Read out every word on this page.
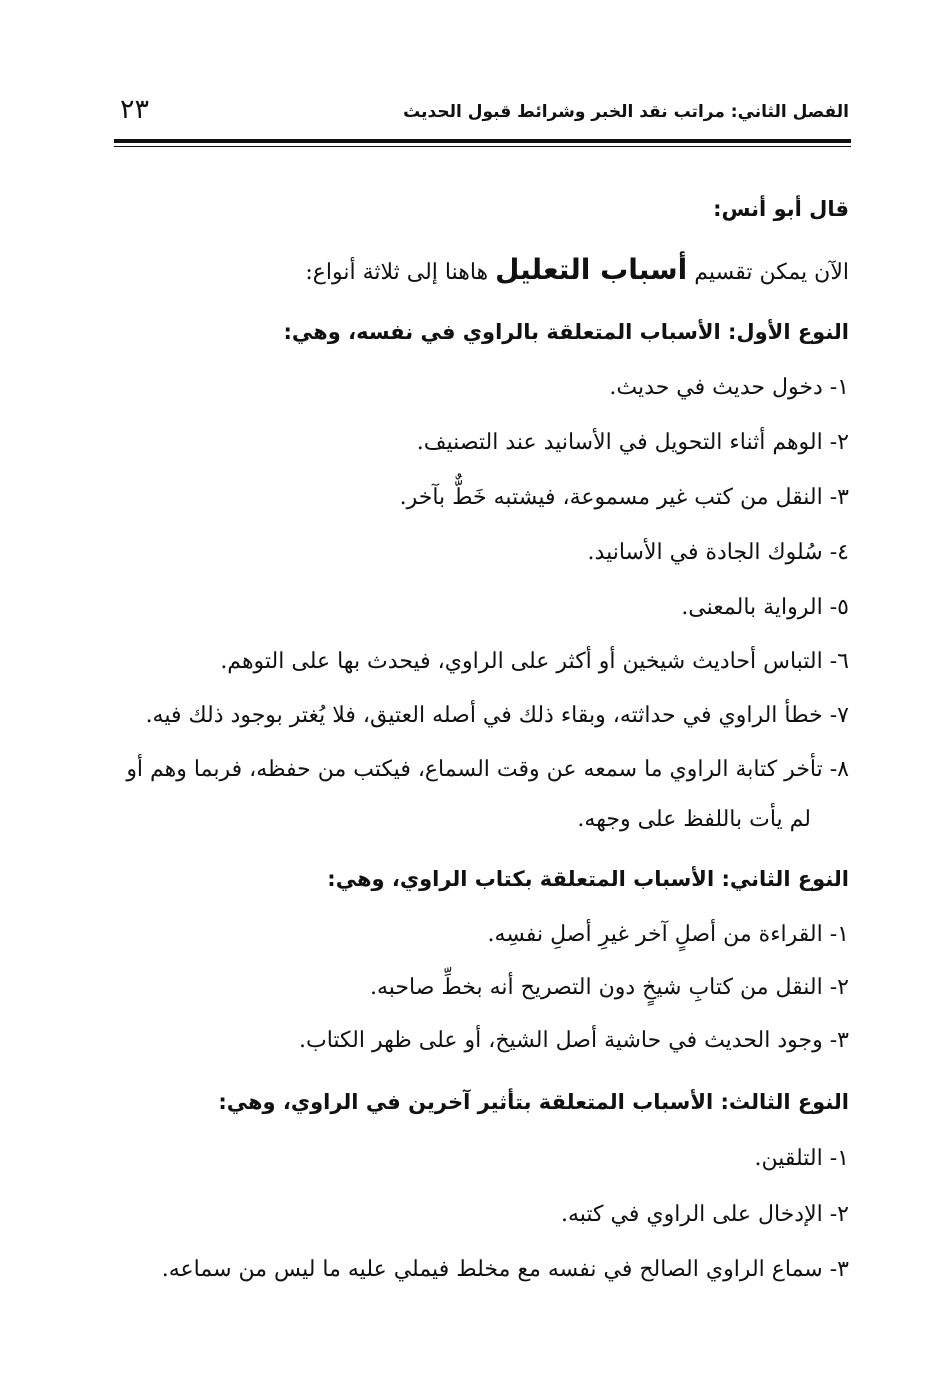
الفصل الثاني: مراتب نقد الخبر وشرائط قبول الحديث
٢٣
قال أبو أنس:
الآن يمكن تقسيم أسباب التعليل هاهنا إلى ثلاثة أنواع:
النوع الأول: الأسباب المتعلقة بالراوي في نفسه، وهي:
١- دخول حديث في حديث.
٢- الوهم أثناء التحويل في الأسانيد عند التصنيف.
٣- النقل من كتب غير مسموعة، فيشتبه خَطٌّ بآخر.
٤- سُلوك الجادة في الأسانيد.
٥- الرواية بالمعنى.
٦- التباس أحاديث شيخين أو أكثر على الراوي، فيحدث بها على التوهم.
٧- خطأ الراوي في حداثته، وبقاء ذلك في أصله العتيق، فلا يُغتر بوجود ذلك فيه.
٨- تأخر كتابة الراوي ما سمعه عن وقت السماع، فيكتب من حفظه، فربما وهم أو
لم يأت باللفظ على وجهه.
النوع الثاني: الأسباب المتعلقة بكتاب الراوي، وهي:
١- القراءة من أصلٍ آخر غيرِ أصلِ نفسِه.
٢- النقل من كتابِ شيخٍ دون التصريح أنه بخطِّ صاحبه.
٣- وجود الحديث في حاشية أصل الشيخ، أو على ظهر الكتاب.
النوع الثالث: الأسباب المتعلقة بتأثير آخرين في الراوي، وهي:
١- التلقين.
٢- الإدخال على الراوي في كتبه.
٣- سماع الراوي الصالح في نفسه مع مخلط فيملي عليه ما ليس من سماعه.
